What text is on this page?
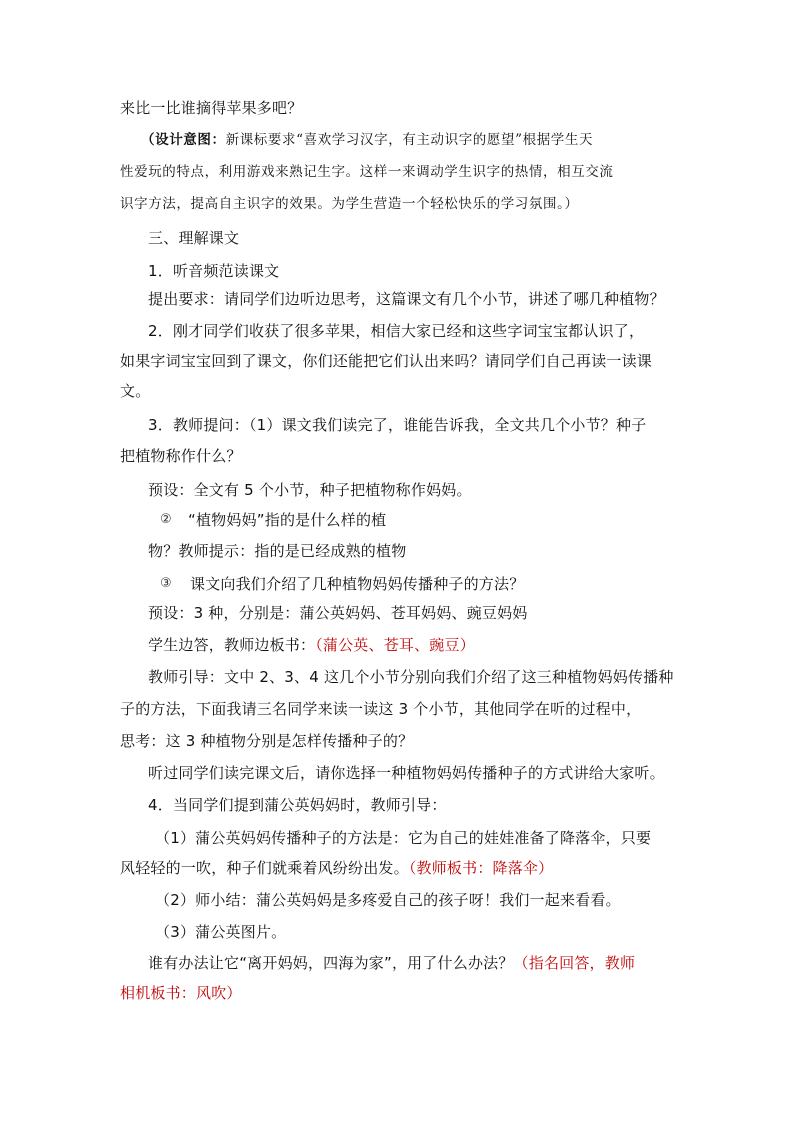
来比一比谁摘得苹果多吧？
（设计意图：新课标要求“喜欢学习汉字，有主动识字的愿望”根据学生天
性爱玩的特点，利用游戏来熟记生字。这样一来调动学生识字的热情，相互交流
识字方法，提高自主识字的效果。为学生营造一个轻松快乐的学习氛围。）
三、理解课文
1．听音频范读课文
提出要求：请同学们边听边思考，这篇课文有几个小节，讲述了哪几种植物？
2．刚才同学们收获了很多苹果，相信大家已经和这些字词宝宝都认识了，
如果字词宝宝回到了课文，你们还能把它们认出来吗？请同学们自己再读一读课
文。
3．教师提问：（1）课文我们读完了，谁能告诉我，全文共几个小节？种子
把植物称作什么？
预设：全文有 5 个小节，种子把植物称作妈妈。
② “植物妈妈”指的是什么样的植
物？教师提示：指的是已经成熟的植物
③ 课文向我们介绍了几种植物妈妈传播种子的方法？
预设：3 种，分别是：蒲公英妈妈、苍耳妈妈、豌豆妈妈
学生边答，教师边板书：（蒲公英、苍耳、豌豆）
教师引导：文中 2、3、4 这几个小节分别向我们介绍了这三种植物妈妈传播种
子的方法，下面我请三名同学来读一读这 3 个小节，其他同学在听的过程中，
思考：这 3 种植物分别是怎样传播种子的？
听过同学们读完课文后，请你选择一种植物妈妈传播种子的方式讲给大家听。
4．当同学们提到蒲公英妈妈时，教师引导：
（1）蒲公英妈妈传播种子的方法是：它为自己的娃娃准备了降落伞，只要
风轻轻的一吹，种子们就乘着风纷纷出发。（教师板书：降落伞）
（2）师小结：蒲公英妈妈是多疼爱自己的孩子呀！我们一起来看看。
（3）蒲公英图片。
谁有办法让它“离开妈妈，四海为家”，用了什么办法？（指名回答，教师
相机板书：风吹）
